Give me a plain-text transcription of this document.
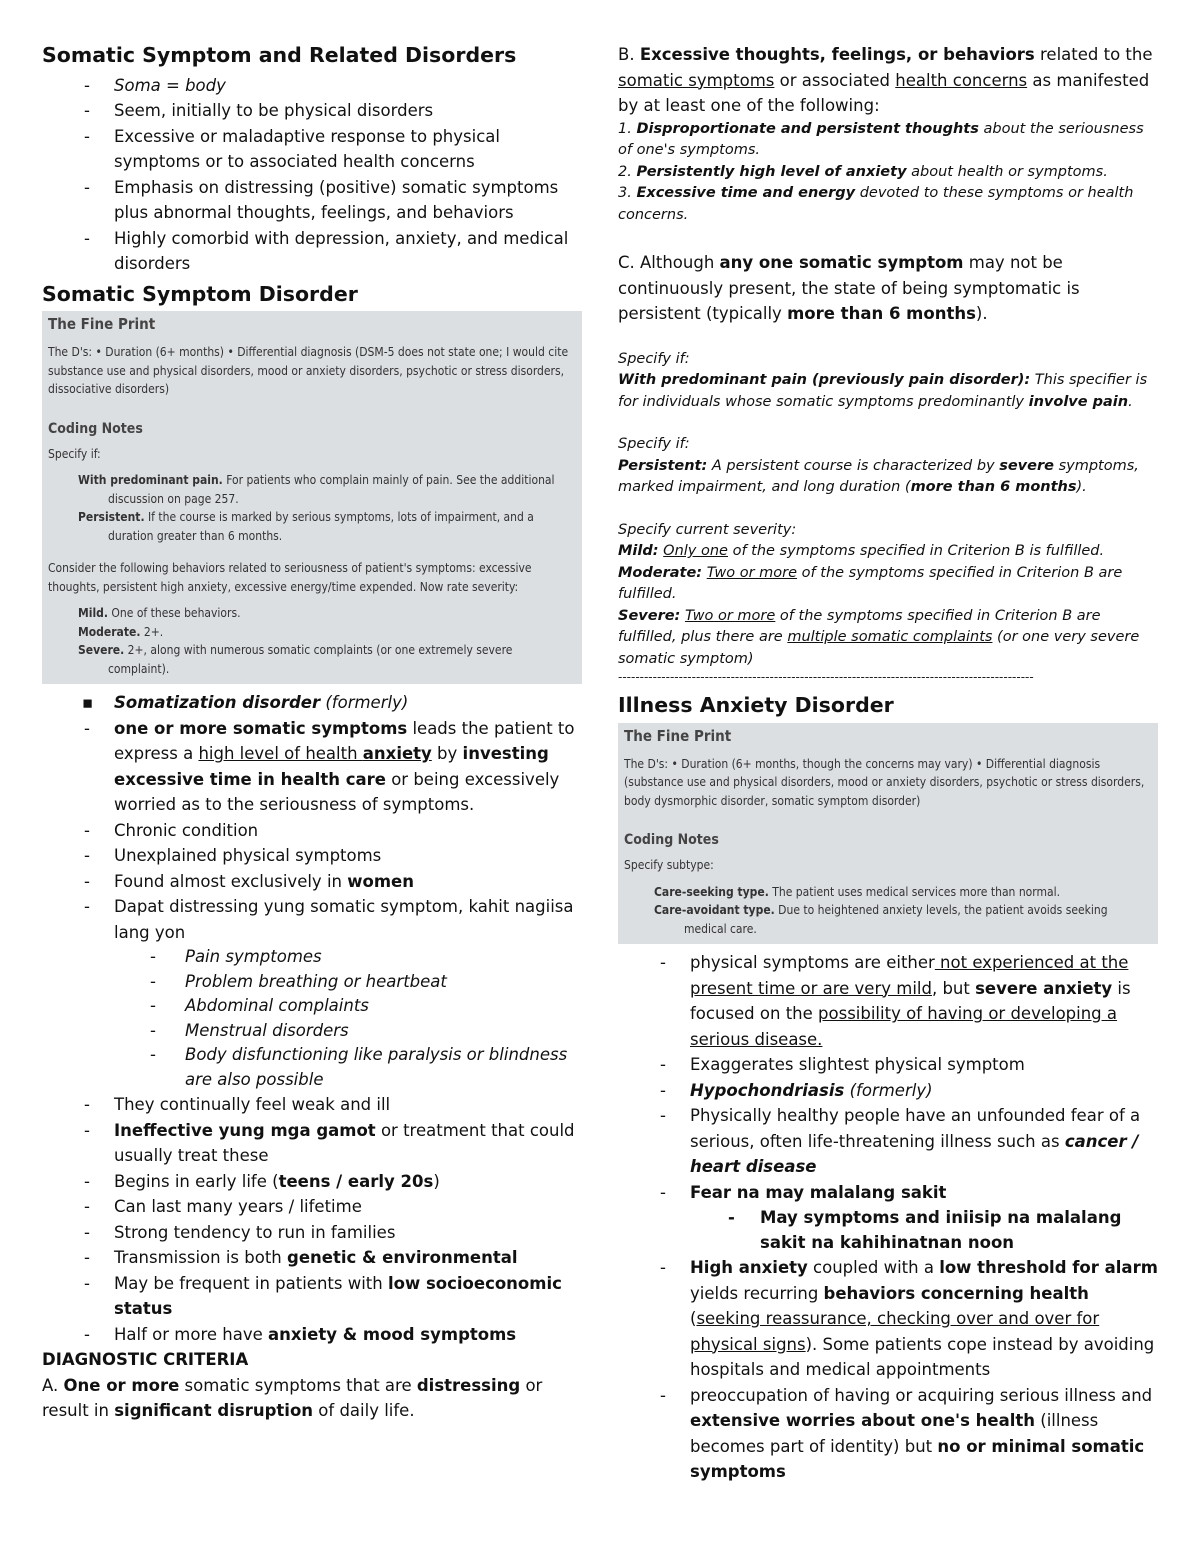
Somatic Symptom and Related Disorders
- Soma = body
- Seem, initially to be physical disorders
- Excessive or maladaptive response to physical symptoms or to associated health concerns
- Emphasis on distressing (positive) somatic symptoms plus abnormal thoughts, feelings, and behaviors
- Highly comorbid with depression, anxiety, and medical disorders
Somatic Symptom Disorder
The Fine Print

The D's: • Duration (6+ months) • Differential diagnosis (DSM-5 does not state one; I would cite substance use and physical disorders, mood or anxiety disorders, psychotic or stress disorders, dissociative disorders)

Coding Notes

Specify if:

With predominant pain. For patients who complain mainly of pain. See the additional discussion on page 257.

Persistent. If the course is marked by serious symptoms, lots of impairment, and a duration greater than 6 months.

Consider the following behaviors related to seriousness of patient's symptoms: excessive thoughts, persistent high anxiety, excessive energy/time expended. Now rate severity:

Mild. One of these behaviors.

Moderate. 2+.

Severe. 2+, along with numerous somatic complaints (or one extremely severe complaint).

▪ Somatization disorder (formerly)
- one or more somatic symptoms leads the patient to express a high level of health anxiety by investing excessive time in health care or being excessively worried as to the seriousness of symptoms.
- Chronic condition
- Unexplained physical symptoms
- Found almost exclusively in women
- Dapat distressing yung somatic symptom, kahit nagiisa lang yon
- Pain symptomes
- Problem breathing or heartbeat
- Abdominal complaints
- Menstrual disorders
- Body disfunctioning like paralysis or blindness are also possible
- They continually feel weak and ill
- Ineffective yung mga gamot or treatment that could usually treat these
- Begins in early life (teens / early 20s)
- Can last many years / lifetime
- Strong tendency to run in families
- Transmission is both genetic & environmental
- May be frequent in patients with low socioeconomic status
- Half or more have anxiety & mood symptoms
DIAGNOSTIC CRITERIA
A. One or more somatic symptoms that are distressing or result in significant disruption of daily life.
B. Excessive thoughts, feelings, or behaviors related to the somatic symptoms or associated health concerns as manifested by at least one of the following:
1. Disproportionate and persistent thoughts about the seriousness of one's symptoms.
2. Persistently high level of anxiety about health or symptoms.
3. Excessive time and energy devoted to these symptoms or health concerns.
C. Although any one somatic symptom may not be continuously present, the state of being symptomatic is persistent (typically more than 6 months).
Specify if:
With predominant pain (previously pain disorder): This specifier is for individuals whose somatic symptoms predominantly involve pain.
Specify if:
Persistent: A persistent course is characterized by severe symptoms, marked impairment, and long duration (more than 6 months).
Specify current severity:
Mild: Only one of the symptoms specified in Criterion B is fulfilled.
Moderate: Two or more of the symptoms specified in Criterion B are fulfilled.
Severe: Two or more of the symptoms specified in Criterion B are fulfilled, plus there are multiple somatic complaints (or one very severe somatic symptom)
------------------------------------------------------------------------------------------------
Illness Anxiety Disorder
The Fine Print

The D's: • Duration (6+ months, though the concerns may vary) • Differential diagnosis (substance use and physical disorders, mood or anxiety disorders, psychotic or stress disorders, body dysmorphic disorder, somatic symptom disorder)

Coding Notes

Specify subtype:

Care-seeking type. The patient uses medical services more than normal.

Care-avoidant type. Due to heightened anxiety levels, the patient avoids seeking medical care.

- physical symptoms are either not experienced at the present time or are very mild, but severe anxiety is focused on the possibility of having or developing a serious disease.
- Exaggerates slightest physical symptom
- Hypochondriasis (formerly)
- Physically healthy people have an unfounded fear of a serious, often life-threatening illness such as cancer / heart disease
- Fear na may malalang sakit
- May symptoms and iniisip na malalang sakit na kahihinatnan noon
- High anxiety coupled with a low threshold for alarm yields recurring behaviors concerning health (seeking reassurance, checking over and over for physical signs). Some patients cope instead by avoiding hospitals and medical appointments
- preoccupation of having or acquiring serious illness and extensive worries about one's health (illness becomes part of identity) but no or minimal somatic symptoms
